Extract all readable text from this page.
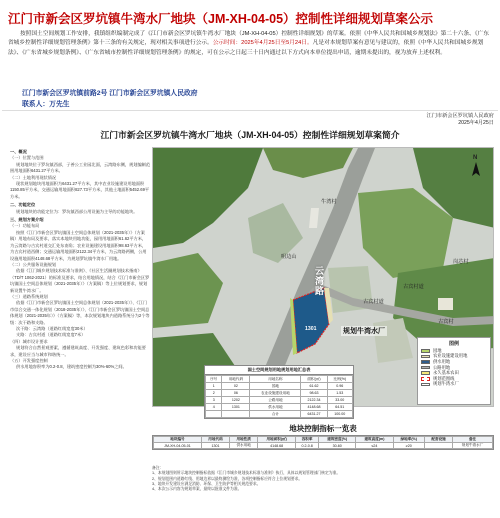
江门市新会区罗坑镇牛湾水厂地块（JM-XH-04-05）控制性详细规划草案公示
按照国土空间规划工作安排，我镇组织编制完成了《江门市新会区罗坑镇牛湾水厂地块（JM-XH-04-05）控制性详细规划》的草案。依照《中华人民共和国城乡规划法》第二十六条、《广东省城乡控制性详细规划管理条例》第十三条的有关规定，现对相关事项进行公示。公示时间：2025年4月25日至5月24日。凡是对本规划草案有意见与建议的，依照《中华人民共和国城乡规划法》、《广东省城乡规划条例》、《广东省城市控制性详细规划管理条例》的规定，可在公示之日起三十日内通过以下方式向本单位提出申请，逾期未提出的，视为放弃上述权利。
江门市新会区罗坑镇前路2号 江门市新会区罗坑镇人民政府
联系人：万先生
江门市新会区罗坑镇人民政府
2025年4月25日
江门市新会区罗坑镇牛湾水厂地块（JM-XH-04-05）控制性详细规划草案简介
一、概况
（一）位置与范围
规划地块位于罗坑镇西部，子善公工业园北面，云湾路东侧，规划编制范围用地面积6431.27平方米。
（二）土地利用现状情况
现状规划地块用地面积为6431.27平方米，其中农业设施建设用地面积1150.85平方米，交通运输用地面积827.73平方米，其他土地面积5452.69平方米。
二、功能定位
规划地块的功能定位为：罗坑镇西部公用设施为主导的功能地块。
三、规划方案介绍
（一）功能布局
按照《江门市新会区罗坑镇国土空间总体规划（2021-2035年）》（方案稿）用地布局及要求，落实本地块用地功能，园用用地面积61.62平方米，为云湾路与古宾村道交汇处东南角；农业设施建设用地面积98.63平方米，为古宾村道西侧；交通运输用地面积2122.34平方米，为云湾路两侧，公用设施用地面积4148.68平方米，为规划罗坑镇牛湾水厂用地。
（二）公共服务设施规划
依据《江门城乡规划技术标准与准则》、《社区生活圈规划技术指南》（TD/T 1062-2021）的标准及要求，结合用地情况，结合《江门市新会区罗坑镇国土空间总体规划（2021-2035年）》（方案稿）等上位规划要求，规划新设置牛湾水厂。
（三）道路系统规划
依据《江门市新会区罗坑镇国土空间总体规划（2021-2035年）》、《江门市综合交通一体化规划（2018-2035年）》、《江门市新会区罗坑镇国土空间总体规划（2021-2035年）》（方案稿）等，本次规划地块内道路系统分为2个等级：次干路和支路。
次干路：云湾路（道路红线宽度30米）
支路：古宾村道（道路红线宽度7米）
（四）城市设计要求
规划符合自然景观要素，遵循建筑高度、开发强度、建筑色彩和功能要求，建设应当与城市和谐统一。
（五）开发强度控制
供水用地容积率为0.2-0.8，建筑密度控制为30%-60%之间。
云湾路
规划牛湾水厂
1301
牛湾村
古宾村道
古宾村
岗芯村
咀边山
古宾村道
N
图例
园地
农业设施建设用地
供水用地
公路用地
永久基本农田
规划范围线
规划牛湾水厂
国土空间规划用地规划用地汇总表
序号	用地代码	用地名称	面积(㎡)	比例(%)
1	02	园地	61.62	0.96
2	06	农业设施建设用地	98.63	1.53
3	1202	公路用地	2122.34	33.00
4	1301	供水用地	4148.68	64.51
		合计	6431.27	100.00
地块控制指标一览表
地块编号	用地代码	用地性质	用地面积(㎡)	容积率	建筑密度(%)	建筑高度(m)	绿地率(%)	配套设施	备注
JM-XH-04-05-01	1301	供水用地	4148.68	0.2-0.8	30-60	≤24	≥20		规划牛湾水厂
备注：
1、本规划图则所示地块控制指标依据《江门市城乡规划技术标准与准则》执行，具体以规划管理部门核定为准。
2、规划范围内道路红线、用地边界以最终测绘为准，各项控制指标应符合上位规划要求。
3、地块开发建设应满足消防、环保、卫生防护等相关规范要求。
4、本次公示内容为规划草案，最终以批准文件为准。
